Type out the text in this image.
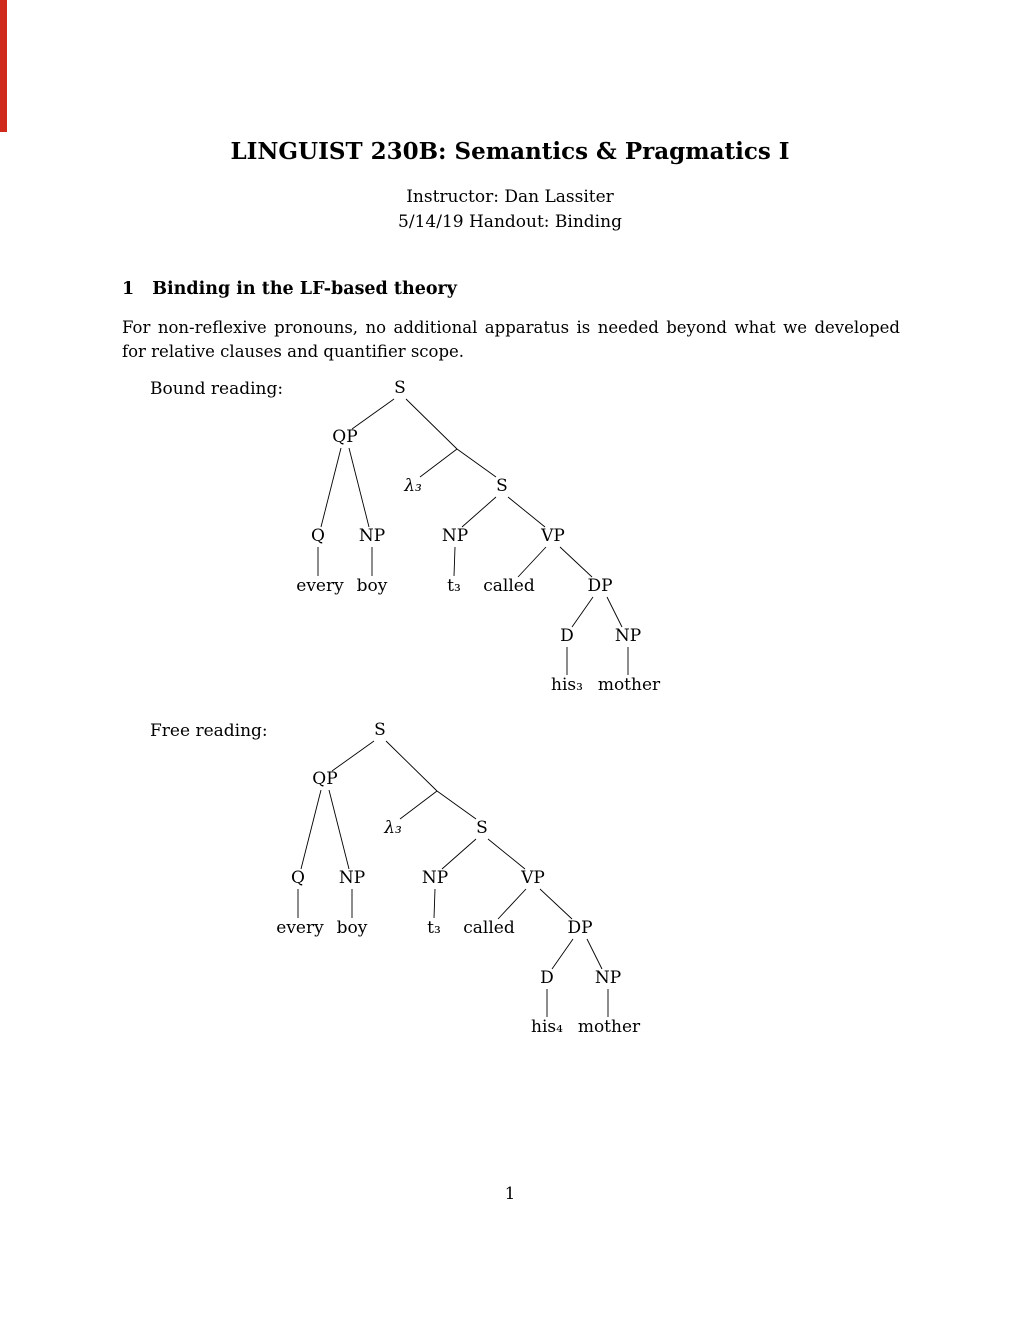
LINGUIST 230B: Semantics & Pragmatics I
Instructor: Dan Lassiter
5/14/19 Handout: Binding
1 Binding in the LF-based theory
For non-reflexive pronouns, no additional apparatus is needed beyond what we developed for relative clauses and quantifier scope.
Bound reading:	S
QP
λ₃	S
Q NP
every boy
NP	VP
t₃ called	DP
D NP
his₃ mother
Free reading:	S
QP
λ₃	S
Q NP
every boy
NP	VP
t₃ called	DP
D NP
his₄ mother
1
